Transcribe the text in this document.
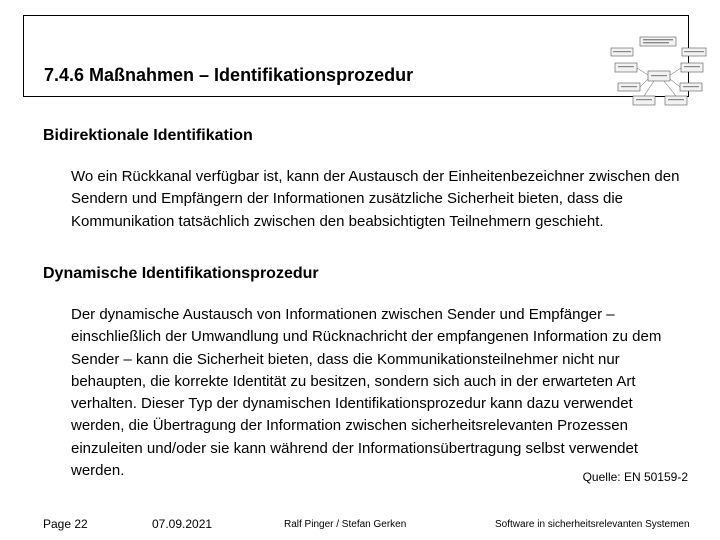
7.4.6 Maßnahmen – Identifikationsprozedur
Bidirektionale Identifikation

Wo ein Rückkanal verfügbar ist, kann der Austausch der Einheitenbezeichner zwischen den Sendern und Empfängern der Informationen zusätzliche Sicherheit bieten, dass die Kommunikation tatsächlich zwischen den beabsichtigten Teilnehmern geschieht.

Dynamische Identifikationsprozedur

Der dynamische Austausch von Informationen zwischen Sender und Empfänger – einschließlich der Umwandlung und Rücknachricht der empfangenen Information zu dem Sender – kann die Sicherheit bieten, dass die Kommunikationsteilnehmer nicht nur behaupten, die korrekte Identität zu besitzen, sondern sich auch in der erwarteten Art verhalten. Dieser Typ der dynamischen Identifikationsprozedur kann dazu verwendet werden, die Übertragung der Information zwischen sicherheitsrelevanten Prozessen einzuleiten und/oder sie kann während der Informationsübertragung selbst verwendet werden.	Quelle: EN 50159-2
Page 22	07.09.2021	Ralf Pinger / Stefan Gerken	Software in sicherheitsrelevanten Systemen
